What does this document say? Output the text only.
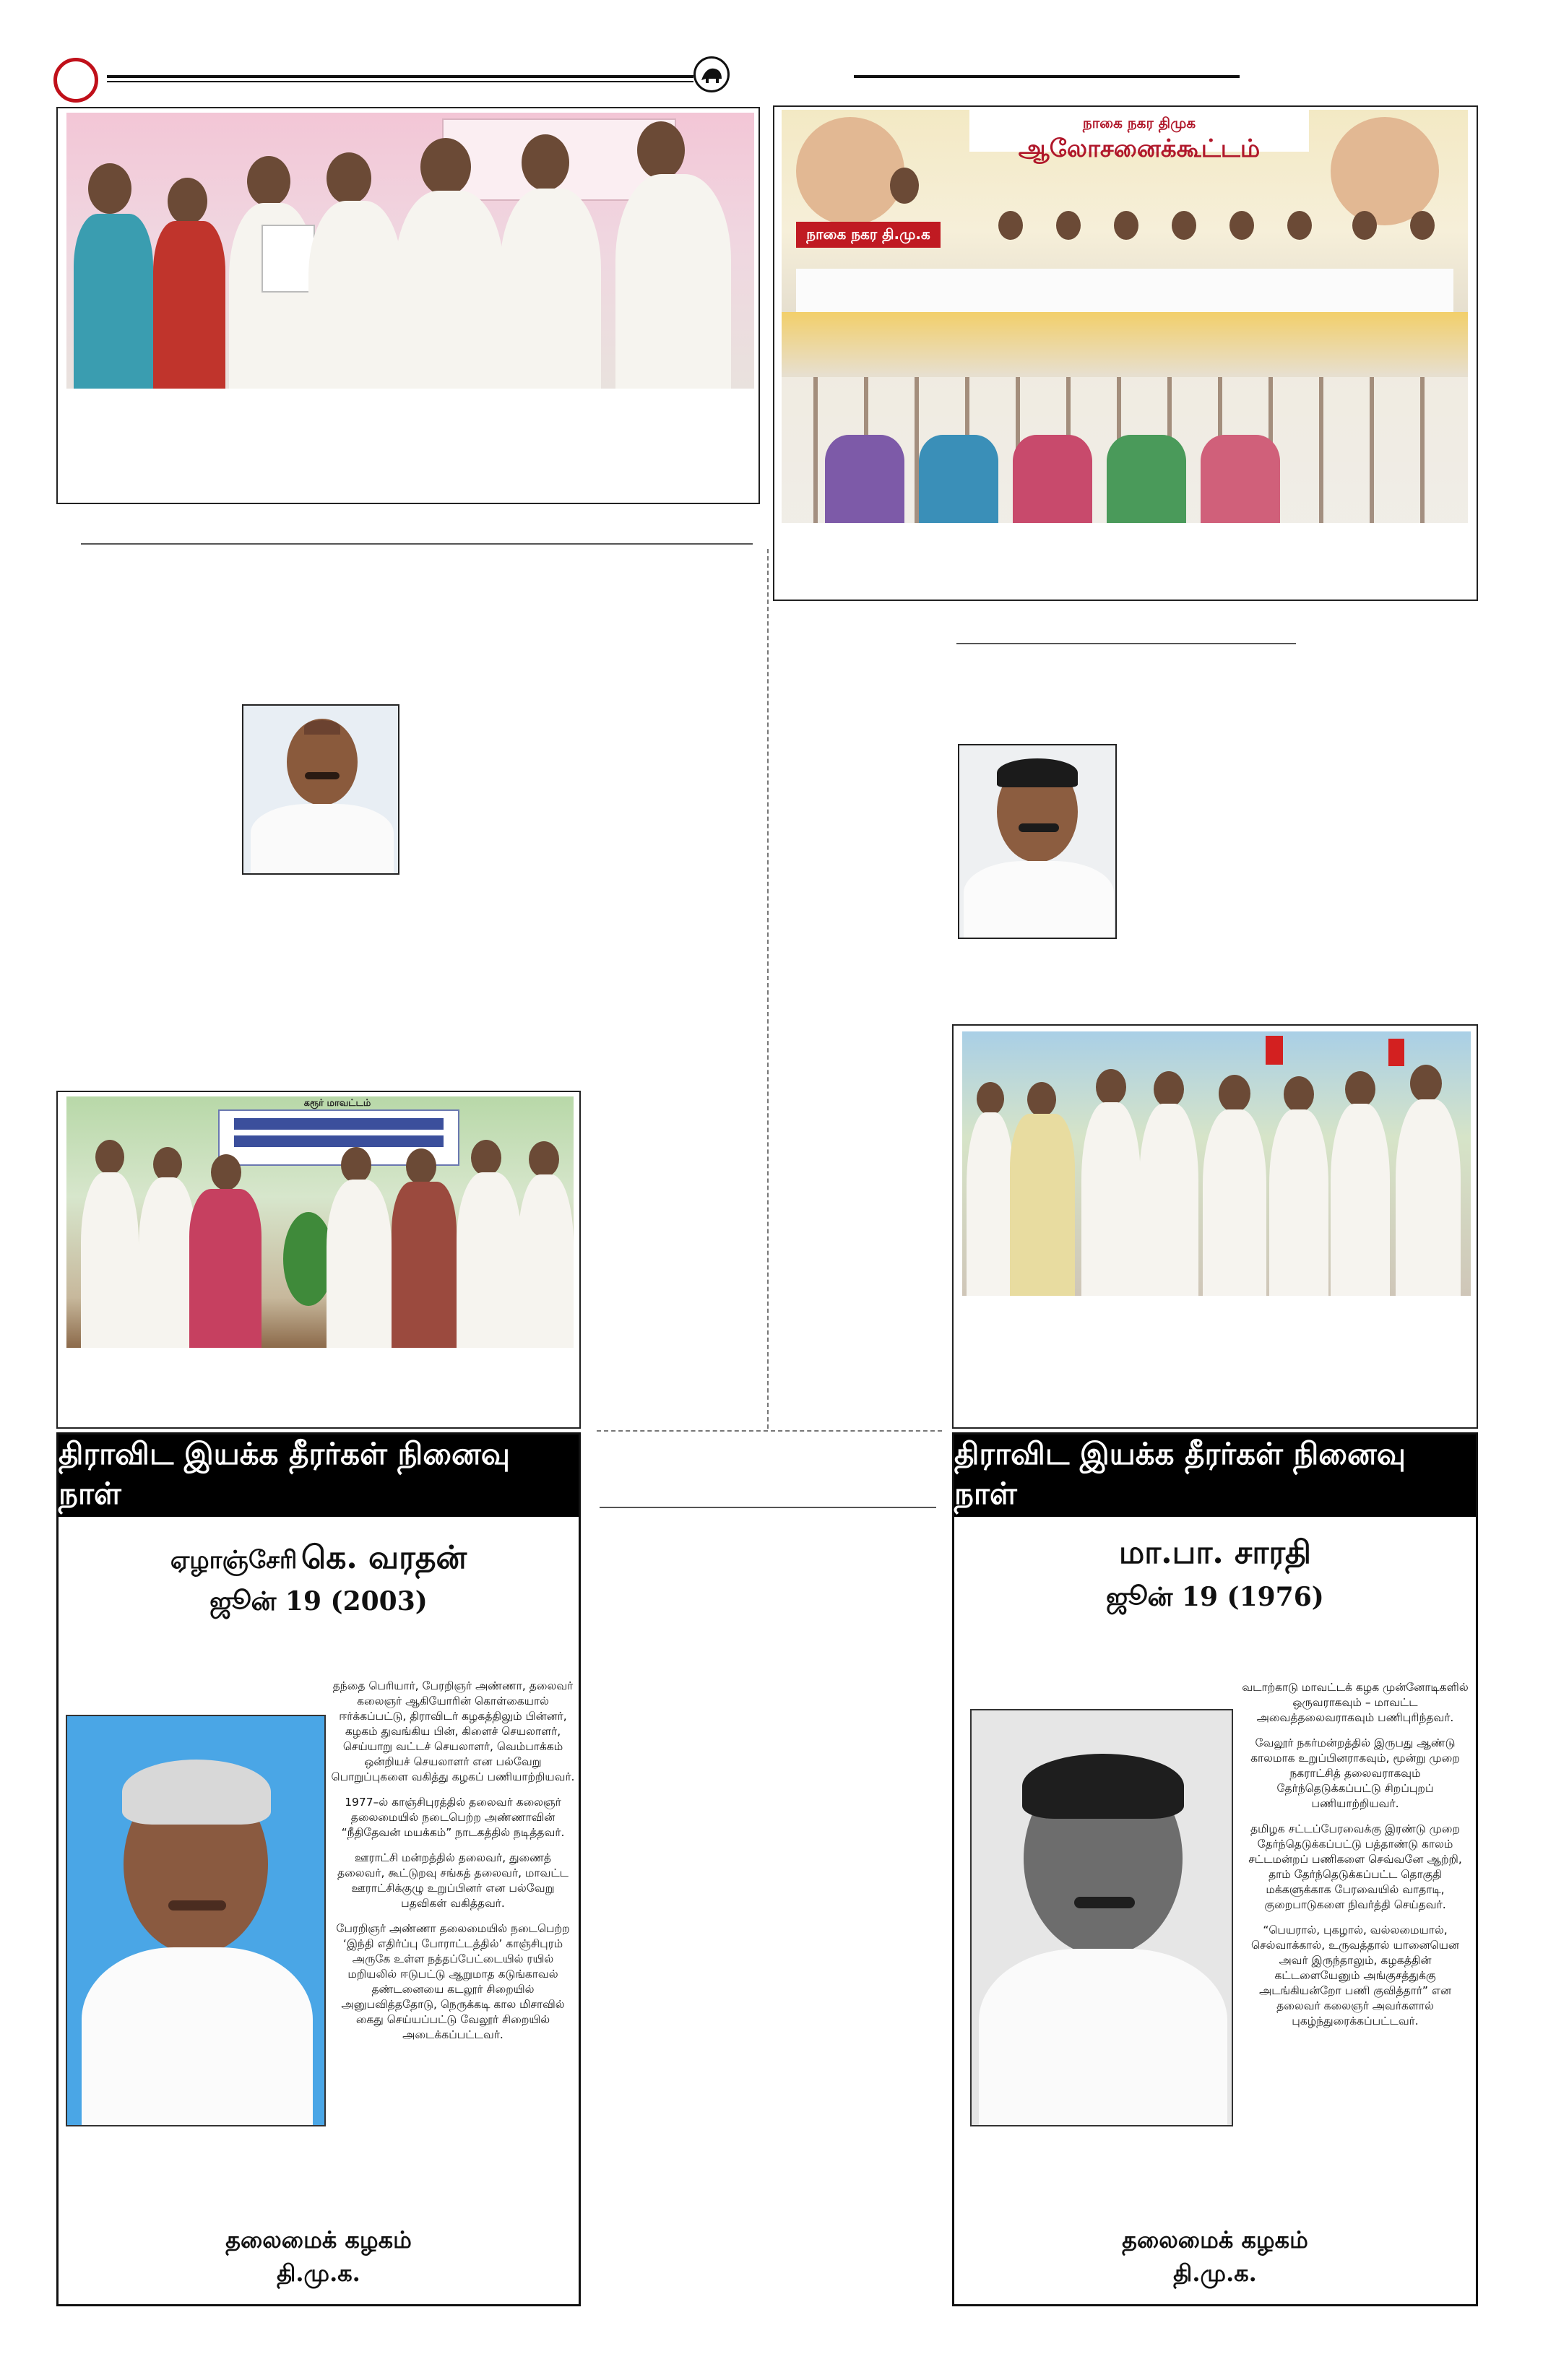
கரூர் மாவட்டம்
நாகை நகர திமுக
ஆலோசனைக்கூட்டம்
நாகை நகர தி.மு.க
திராவிட இயக்க தீரர்கள் நினைவு நாள்
ஏழாஞ்சேரி கெ. வரதன்
ஜூன் 19 (2003)

தந்தை பெரியார், பேரறிஞர் அண்ணா, தலைவர் கலைஞர் ஆகியோரின் கொள்கையால் ஈர்க்கப்பட்டு, திராவிடர் கழகத்திலும் பின்னர், கழகம் துவங்கிய பின், கிளைச் செயலாளர், செய்யாறு வட்டச் செயலாளர், வெம்பாக்கம் ஒன்றியச் செயலாளர் என பல்வேறு பொறுப்புகளை வகித்து கழகப் பணியாற்றியவர்.

1977–ல் காஞ்சிபுரத்தில் தலைவர் கலைஞர் தலைமையில் நடைபெற்ற அண்ணாவின் “நீதிதேவன் மயக்கம்” நாடகத்தில் நடித்தவர்.

ஊராட்சி மன்றத்தில் தலைவர், துணைத் தலைவர், கூட்டுறவு சங்கத் தலைவர், மாவட்ட ஊராட்சிக்குழு உறுப்பினர் என பல்வேறு பதவிகள் வகித்தவர்.

பேரறிஞர் அண்ணா தலைமையில் நடைபெற்ற ‘இந்தி எதிர்ப்பு போராட்டத்தில்’ காஞ்சிபுரம் அருகே உள்ள நத்தப்பேட்டையில் ரயில் மறியலில் ஈடுபட்டு ஆறுமாத கடுங்காவல் தண்டனையை கடலூர் சிறையில் அனுபவித்ததோடு, நெருக்கடி கால மிசாவில் கைது செய்யப்பட்டு வேலூர் சிறையில் அடைக்கப்பட்டவர்.

தலைமைக் கழகம்
தி.மு.க.
திராவிட இயக்க தீரர்கள் நினைவு நாள்
மா.பா. சாரதி
ஜூன் 19 (1976)

வடாற்காடு மாவட்டக் கழக முன்னோடிகளில் ஒருவராகவும் – மாவட்ட அவைத்தலைவராகவும் பணிபுரிந்தவர்.

வேலூர் நகர்மன்றத்தில் இருபது ஆண்டு காலமாக உறுப்பினராகவும், மூன்று முறை நகராட்சித் தலைவராகவும் தேர்ந்தெடுக்கப்பட்டு சிறப்புறப் பணியாற்றியவர்.

தமிழக சட்டப்பேரவைக்கு இரண்டு முறை தேர்ந்தெடுக்கப்பட்டு பத்தாண்டு காலம் சட்டமன்றப் பணிகளை செவ்வனே ஆற்றி, தாம் தேர்ந்தெடுக்கப்பட்ட தொகுதி மக்களுக்காக பேரவையில் வாதாடி, குறைபாடுகளை நிவர்த்தி செய்தவர்.

“பெயரால், புகழால், வல்லமையால், செல்வாக்கால், உருவத்தால் யானையென அவர் இருந்தாலும், கழகத்தின் கட்டளையேனும் அங்குசத்துக்கு அடங்கியன்றோ பணி குவித்தார்” என தலைவர் கலைஞர் அவர்களால் புகழ்ந்துரைக்கப்பட்டவர்.

தலைமைக் கழகம்
தி.மு.க.
